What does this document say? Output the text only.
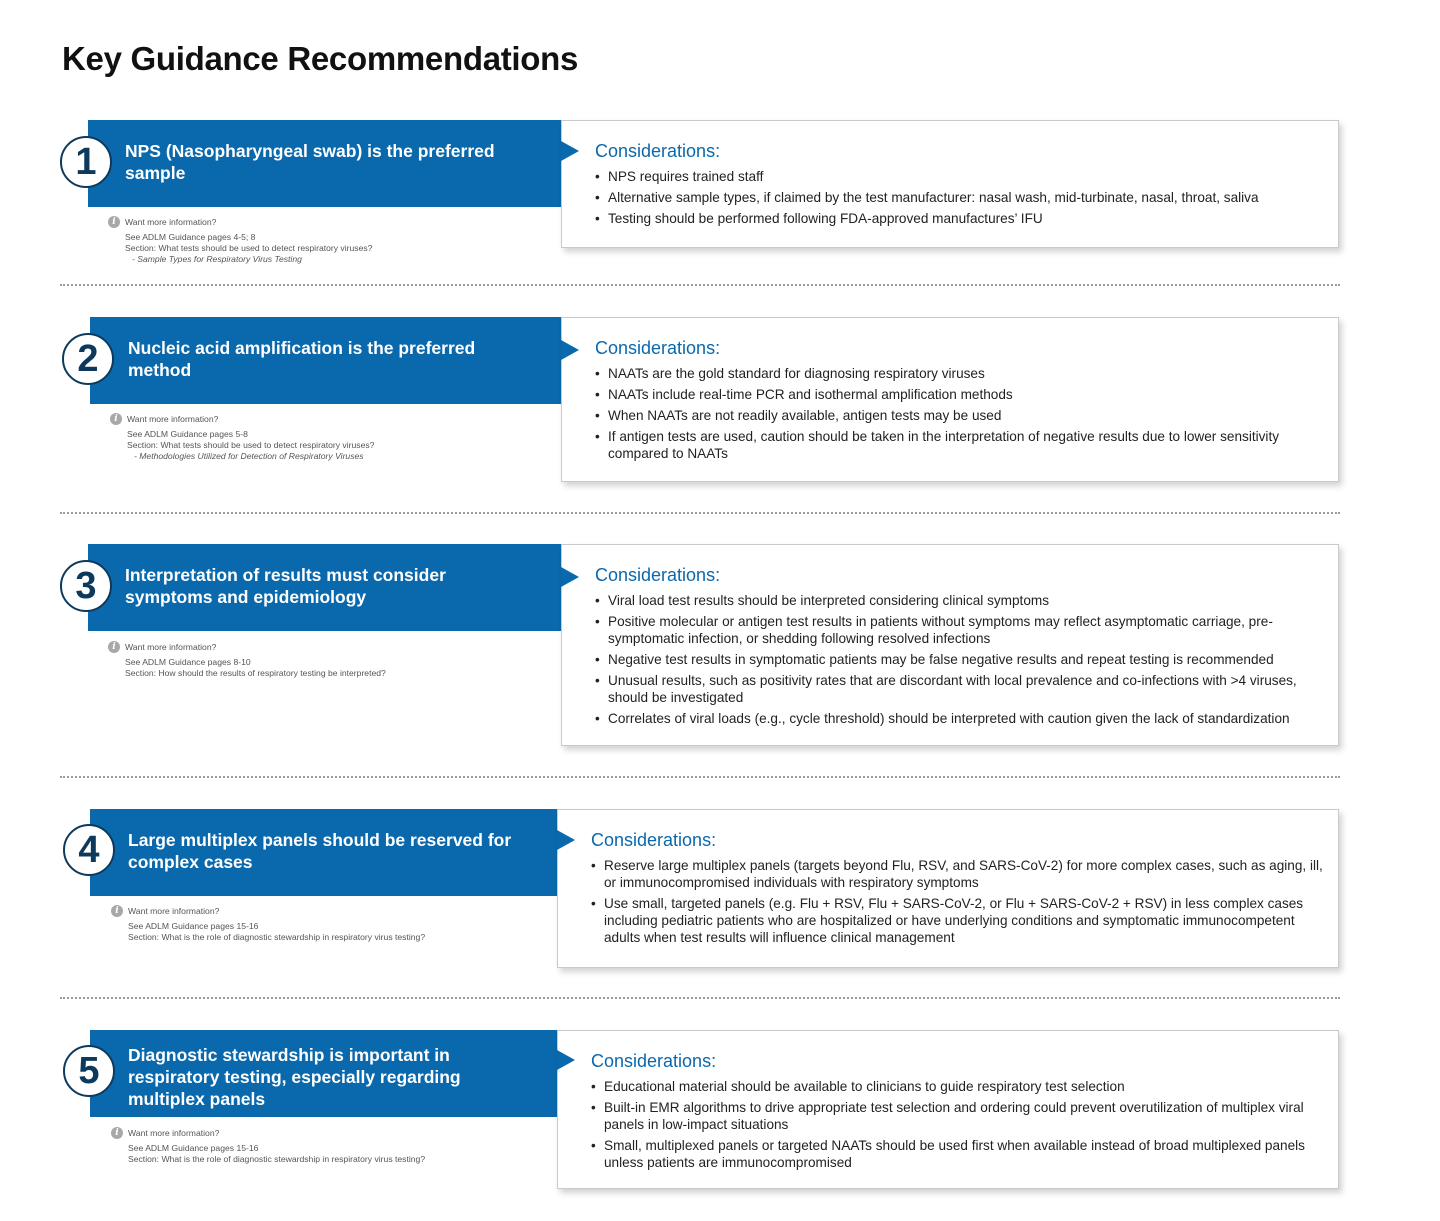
Key Guidance Recommendations
NPS (Nasopharyngeal swab) is the preferred sample
1	Considerations:
• NPS requires trained staff
• Alternative sample types, if claimed by the test manufacturer: nasal wash, mid-turbinate, nasal, throat, saliva
• Testing should be performed following FDA-approved manufactures’ IFU
i	Want more information?
See ADLM Guidance pages 4-5; 8
Section: What tests should be used to detect respiratory viruses?
- Sample Types for Respiratory Virus Testing
Nucleic acid amplification is the preferred method
2	Considerations:
• NAATs are the gold standard for diagnosing respiratory viruses
• NAATs include real-time PCR and isothermal amplification methods
• When NAATs are not readily available, antigen tests may be used
• If antigen tests are used, caution should be taken in the interpretation of negative results due to lower sensitivity compared to NAATs
i	Want more information?
See ADLM Guidance pages 5-8
Section: What tests should be used to detect respiratory viruses?
- Methodologies Utilized for Detection of Respiratory Viruses
Interpretation of results must consider symptoms and epidemiology
3	Considerations:
• Viral load test results should be interpreted considering clinical symptoms
• Positive molecular or antigen test results in patients without symptoms may reflect asymptomatic carriage, pre-symptomatic infection, or shedding following resolved infections
• Negative test results in symptomatic patients may be false negative results and repeat testing is recommended
• Unusual results, such as positivity rates that are discordant with local prevalence and co-infections with >4 viruses, should be investigated
• Correlates of viral loads (e.g., cycle threshold) should be interpreted with caution given the lack of standardization
i	Want more information?
See ADLM Guidance pages 8-10
Section: How should the results of respiratory testing be interpreted?
Large multiplex panels should be reserved for complex cases
4	Considerations:
• Reserve large multiplex panels (targets beyond Flu, RSV, and SARS-CoV-2) for more complex cases, such as aging, ill, or immunocompromised individuals with respiratory symptoms
• Use small, targeted panels (e.g. Flu + RSV, Flu + SARS-CoV-2, or Flu + SARS-CoV-2 + RSV) in less complex cases including pediatric patients who are hospitalized or have underlying conditions and symptomatic immunocompetent adults when test results will influence clinical management
i	Want more information?
See ADLM Guidance pages 15-16
Section: What is the role of diagnostic stewardship in respiratory virus testing?
Diagnostic stewardship is important in respiratory testing, especially regarding multiplex panels
5	Considerations:
• Educational material should be available to clinicians to guide respiratory test selection
• Built-in EMR algorithms to drive appropriate test selection and ordering could prevent overutilization of multiplex viral panels in low-impact situations
• Small, multiplexed panels or targeted NAATs should be used first when available instead of broad multiplexed panels unless patients are immunocompromised
i	Want more information?
See ADLM Guidance pages 15-16
Section: What is the role of diagnostic stewardship in respiratory virus testing?
